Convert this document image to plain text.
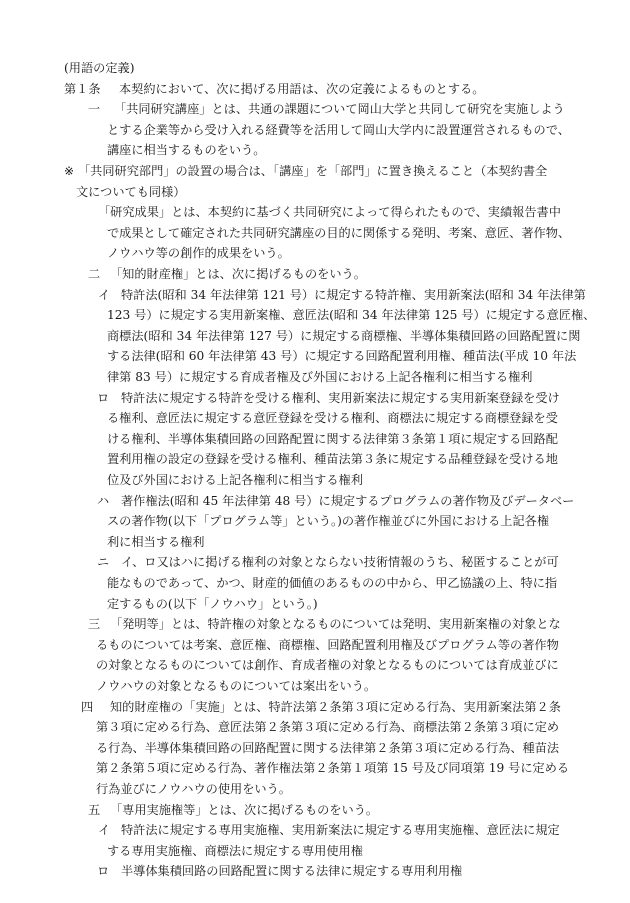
(用語の定義)
第１条 本契約において、次に掲げる用語は、次の定義によるものとする。
一 「共同研究講座」とは、共通の課題について岡山大学と共同して研究を実施しよう
とする企業等から受け入れる経費等を活用して岡山大学内に設置運営されるもので、
講座に相当するものをいう。
※ 「共同研究部門」の設置の場合は、「講座」を「部門」に置き換えること（本契約書全
文についても同様）
「研究成果」とは、本契約に基づく共同研究によって得られたもので、実績報告書中
で成果として確定された共同研究講座の目的に関係する発明、考案、意匠、著作物、
ノウハウ等の創作的成果をいう。
二 「知的財産権」とは、次に掲げるものをいう。
イ 特許法(昭和 34 年法律第 121 号）に規定する特許権、実用新案法(昭和 34 年法律第
123 号）に規定する実用新案権、意匠法(昭和 34 年法律第 125 号）に規定する意匠権、
商標法(昭和 34 年法律第 127 号）に規定する商標権、半導体集積回路の回路配置に関
する法律(昭和 60 年法律第 43 号）に規定する回路配置利用権、種苗法(平成 10 年法
律第 83 号）に規定する育成者権及び外国における上記各権利に相当する権利
ロ 特許法に規定する特許を受ける権利、実用新案法に規定する実用新案登録を受け
る権利、意匠法に規定する意匠登録を受ける権利、商標法に規定する商標登録を受
ける権利、半導体集積回路の回路配置に関する法律第３条第１項に規定する回路配
置利用権の設定の登録を受ける権利、種苗法第３条に規定する品種登録を受ける地
位及び外国における上記各権利に相当する権利
ハ 著作権法(昭和 45 年法律第 48 号）に規定するプログラムの著作物及びデータベー
スの著作物(以下「プログラム等」という。)の著作権並びに外国における上記各権
利に相当する権利
ニ イ、ロ又はハに掲げる権利の対象とならない技術情報のうち、秘匿することが可
能なものであって、かつ、財産的価値のあるものの中から、甲乙協議の上、特に指
定するもの(以下「ノウハウ」という。)
三 「発明等」とは、特許権の対象となるものについては発明、実用新案権の対象とな
るものについては考案、意匠権、商標権、回路配置利用権及びプログラム等の著作物
の対象となるものについては創作、育成者権の対象となるものについては育成並びに
ノウハウの対象となるものについては案出をいう。
四 知的財産権の「実施」とは、特許法第２条第３項に定める行為、実用新案法第２条
第３項に定める行為、意匠法第２条第３項に定める行為、商標法第２条第３項に定め
る行為、半導体集積回路の回路配置に関する法律第２条第３項に定める行為、種苗法
第２条第５項に定める行為、著作権法第２条第１項第 15 号及び同項第 19 号に定める
行為並びにノウハウの使用をいう。
五 「専用実施権等」とは、次に掲げるものをいう。
イ 特許法に規定する専用実施権、実用新案法に規定する専用実施権、意匠法に規定
する専用実施権、商標法に規定する専用使用権
ロ 半導体集積回路の回路配置に関する法律に規定する専用利用権
